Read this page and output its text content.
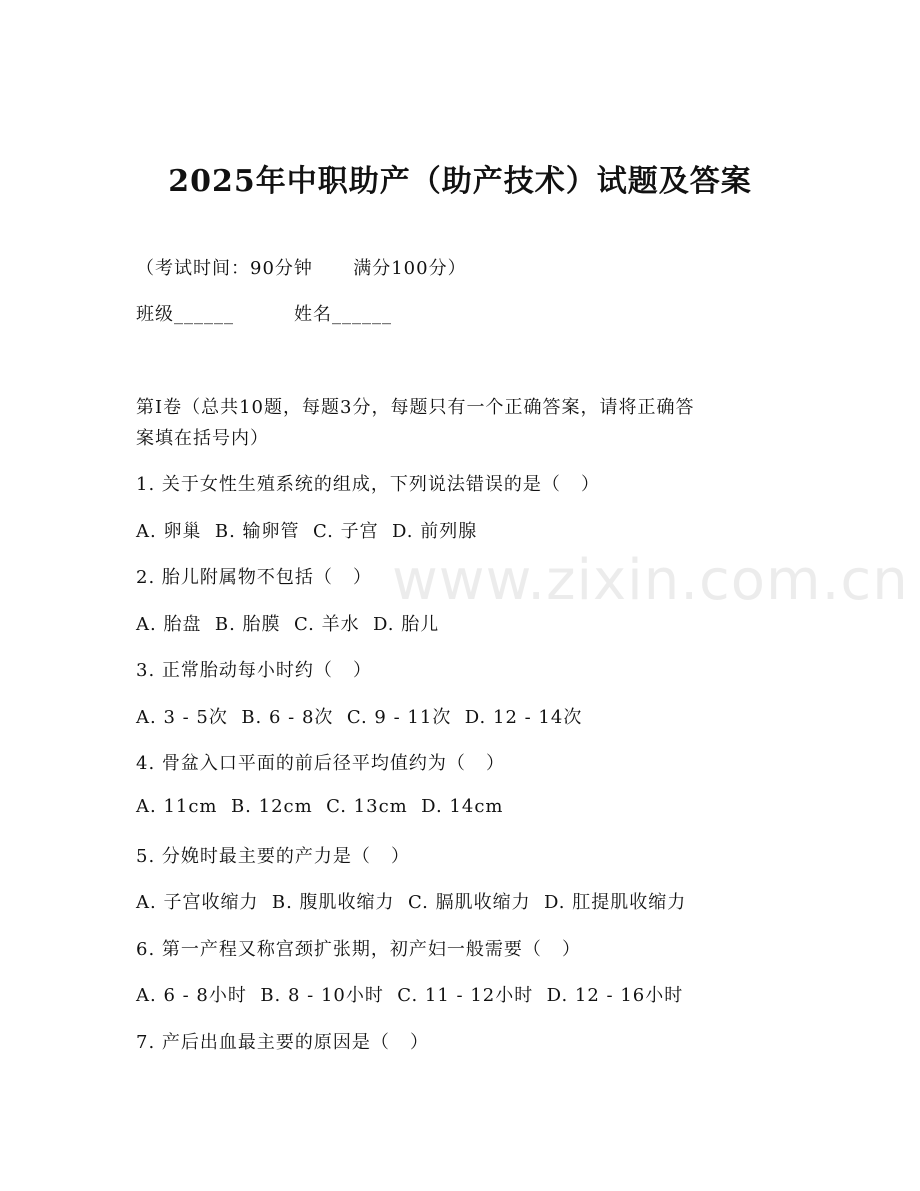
2025年中职助产（助产技术）试题及答案
（考试时间：90分钟      满分100分）
班级______	姓名______
第Ⅰ卷（总共10题，每题3分，每题只有一个正确答案，请将正确答
案填在括号内）
1. 关于女性生殖系统的组成，下列说法错误的是（   ）
A. 卵巢  B. 输卵管  C. 子宫  D. 前列腺
2. 胎儿附属物不包括（   ）
A. 胎盘  B. 胎膜  C. 羊水  D. 胎儿
3. 正常胎动每小时约（   ）
A. 3 - 5次  B. 6 - 8次  C. 9 - 11次  D. 12 - 14次
4. 骨盆入口平面的前后径平均值约为（   ）
A. 11cm  B. 12cm  C. 13cm  D. 14cm
5. 分娩时最主要的产力是（   ）
A. 子宫收缩力  B. 腹肌收缩力  C. 膈肌收缩力  D. 肛提肌收缩力
6. 第一产程又称宫颈扩张期，初产妇一般需要（   ）
A. 6 - 8小时  B. 8 - 10小时  C. 11 - 12小时  D. 12 - 16小时
7. 产后出血最主要的原因是（   ）
www.zixin.com.cn
